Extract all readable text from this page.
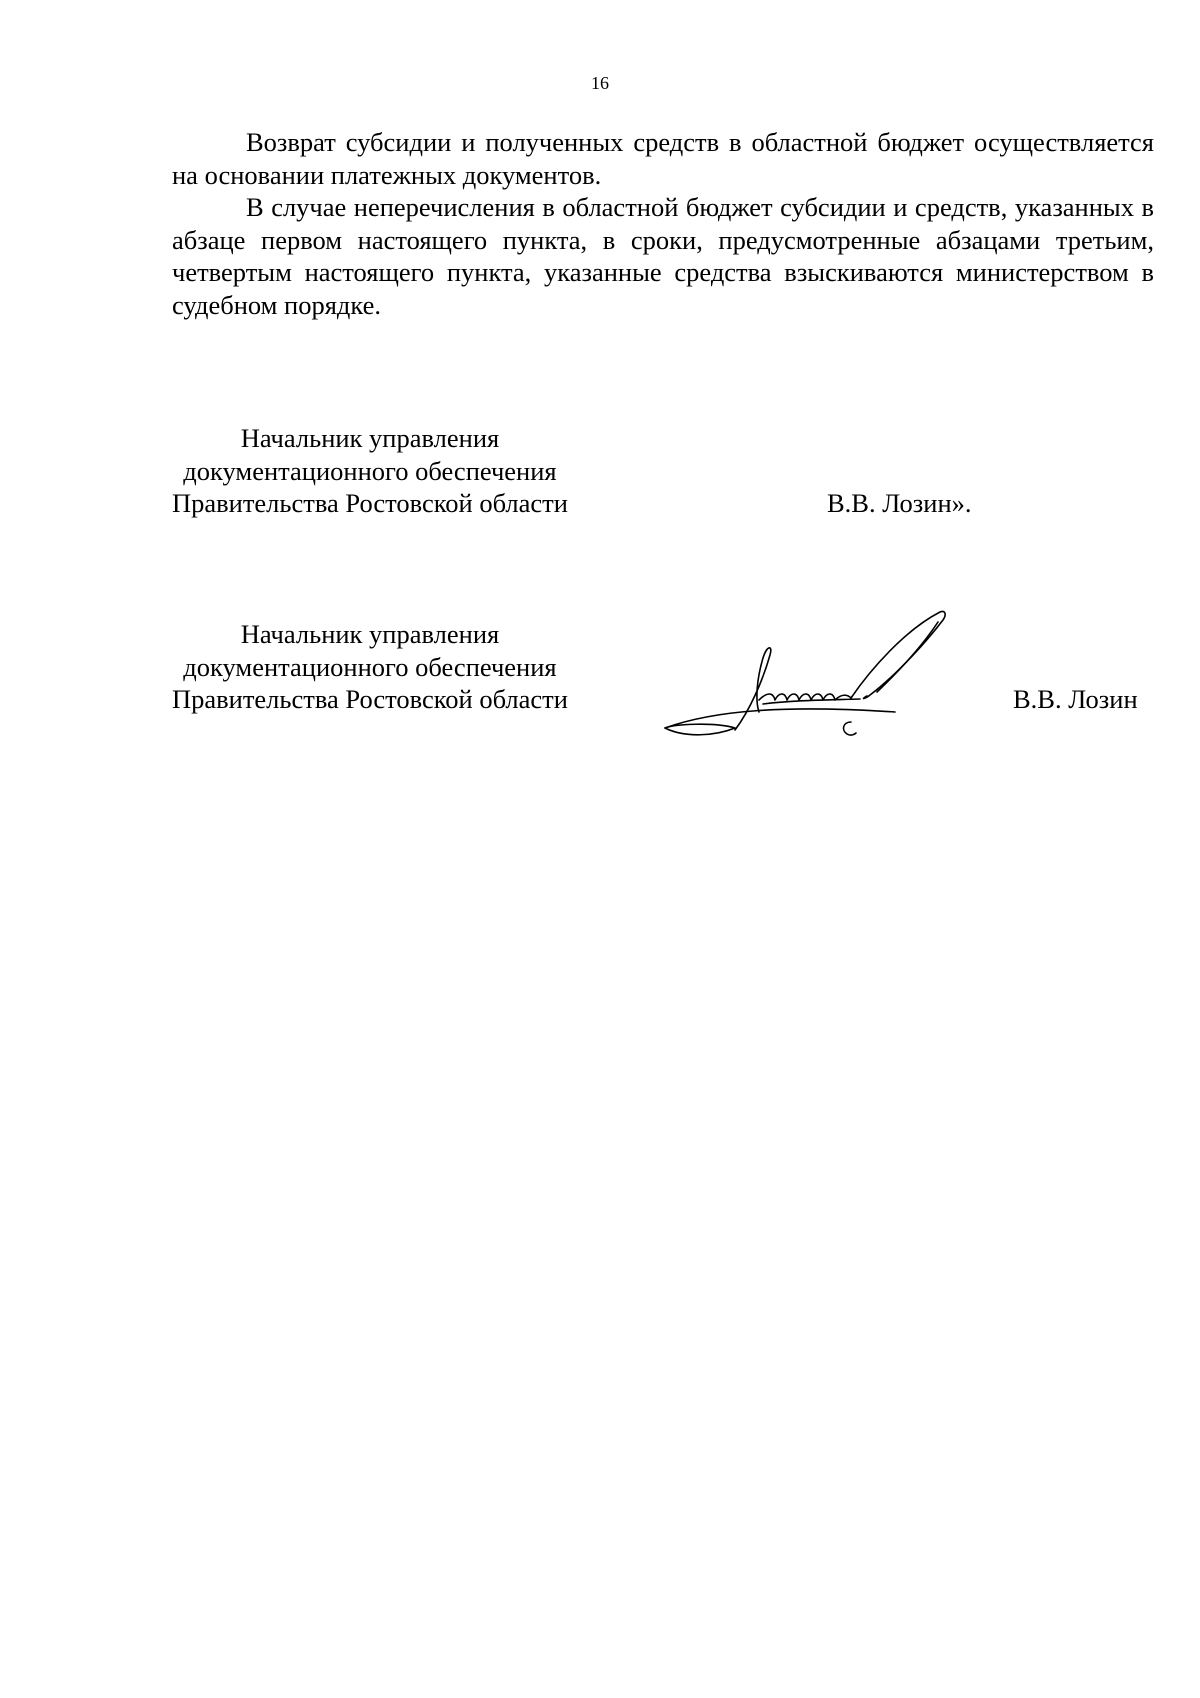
16

Возврат субсидии и полученных средств в областной бюджет осуществляется на основании платежных документов.

В случае неперечисления в областной бюджет субсидии и средств, указанных в абзаце первом настоящего пункта, в сроки, предусмотренные абзацами третьим, четвертым настоящего пункта, указанные средства взыскиваются министерством в судебном порядке.

Начальник управления
документационного обеспечения
Правительства Ростовской области	В.В. Лозин».
Начальник управления
документационного обеспечения
Правительства Ростовской области	В.В. Лозин
